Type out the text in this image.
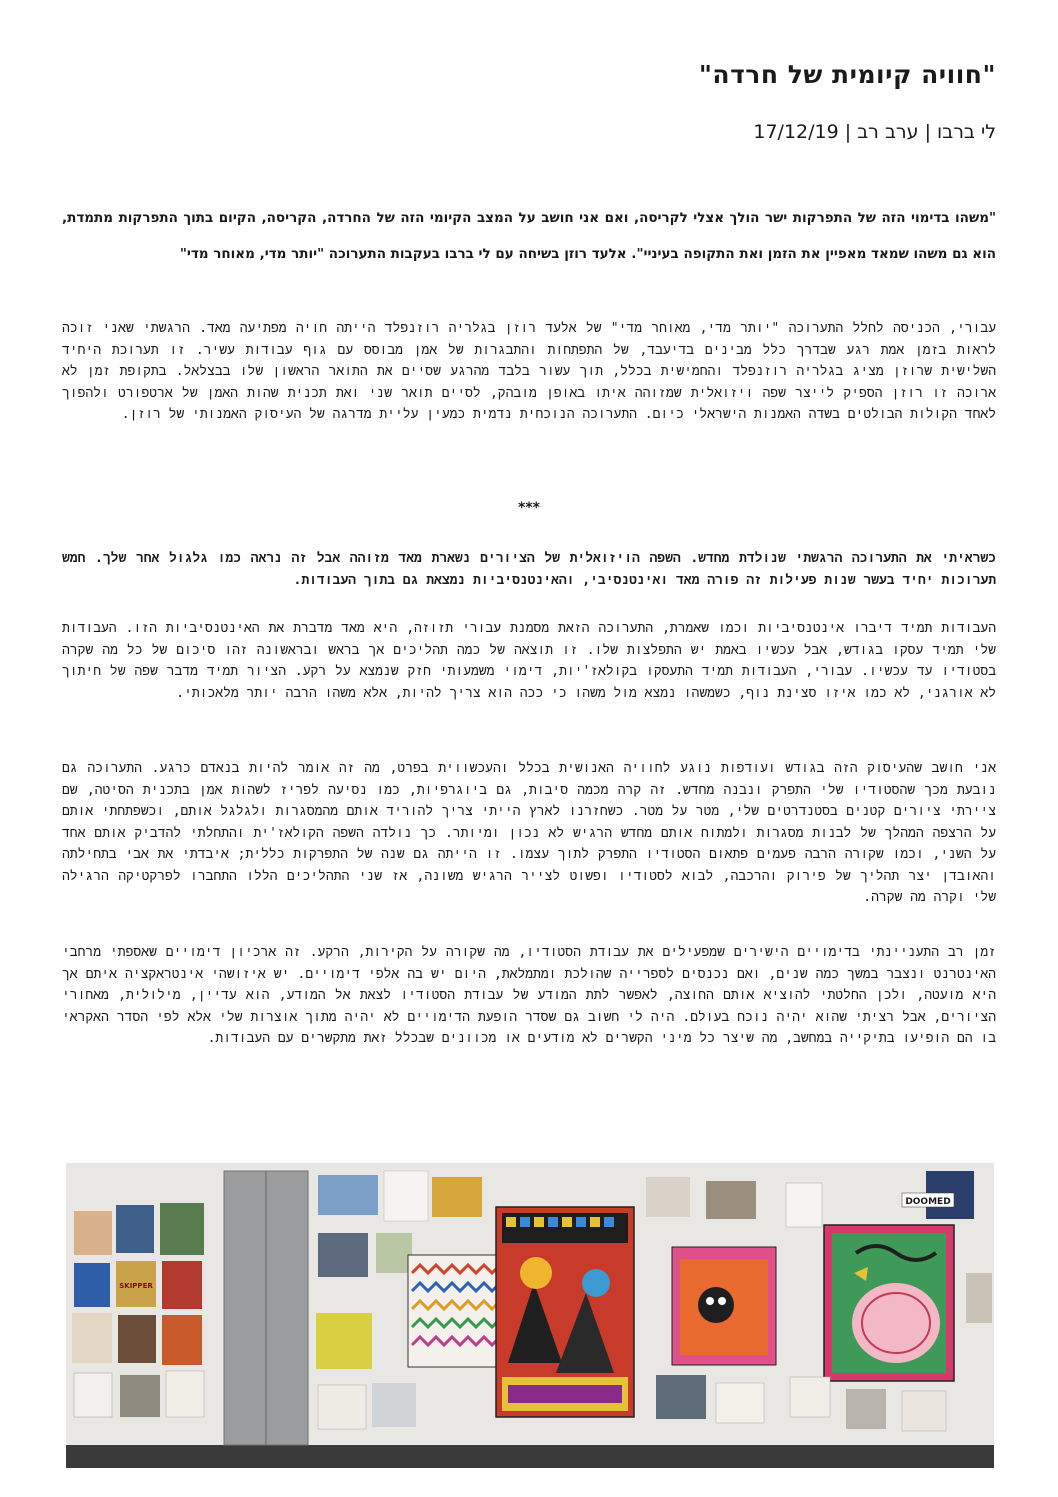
"חוויה קיומית של חרדה"

לי ברבו | ערב רב | 17/12/19

"משהו בדימוי הזה של התפרקות ישר הולך אצלי לקריסה, ואם אני חושב על המצב הקיומי הזה של החרדה, הקריסה, הקיום בתוך התפרקות מתמדת, הוא גם משהו שמאד מאפיין את הזמן ואת התקופה בעיניי". אלעד רוזן בשיחה עם לי ברבו בעקבות התערוכה "יותר מדי, מאוחר מדי"

עבורי, הכניסה לחלל התערוכה "יותר מדי, מאוחר מדי" של אלעד רוזן בגלריה רוזנפלד הייתה חויה מפתיעה מאד. הרגשתי שאני זוכה לראות בזמן אמת רגע שבדרך כלל מבינים בדיעבד, של התפתחות והתבגרות של אמן מבוסס עם גוף עבודות עשיר. זו תערוכת היחיד השלישית שרוזן מציג בגלריה רוזנפלד והחמישית בכלל, תוך עשור בלבד מהרגע שסיים את התואר הראשון שלו בבצלאל. בתקופת זמן לא ארוכה זו רוזן הספיק לייצר שפה ויזואלית שמזוהה איתו באופן מובהק, לסיים תואר שני ואת תכנית שהות האמן של ארטפורט ולהפוך לאחד הקולות הבולטים בשדה האמנות הישראלי כיום. התערוכה הנוכחית נדמית כמעין עליית מדרגה של העיסוק האמנותי של רוזן.

***

כשראיתי את התערוכה הרגשתי שנולדת מחדש. השפה הויזואלית של הציורים נשארת מאד מזוהה אבל זה נראה כמו גלגול אחר שלך. חמש תערוכות יחיד בעשר שנות פעילות זה פורה מאד ואינטנסיבי, והאינטנסיביות נמצאת גם בתוך העבודות.

העבודות תמיד דיברו אינטנסיביות וכמו שאמרת, התערוכה הזאת מסמנת עבורי תזוזה, היא מאד מדברת את האינטנסיביות הזו. העבודות שלי תמיד עסקו בגודש, אבל עכשיו באמת יש התפלצות שלו. זו תוצאה של כמה תהליכים אך בראש ובראשונה זהו סיכום של כל מה שקרה בסטודיו עד עכשיו. עבורי, העבודות תמיד התעסקו בקולאז'יות, דימוי משמעותי חזק שנמצא על רקע. הציור תמיד מדבר שפה של חיתוך לא אורגני, לא כמו איזו סצינת נוף, כשמשהו נמצא מול משהו כי ככה הוא צריך להיות, אלא משהו הרבה יותר מלאכותי.

אני חושב שהעיסוק הזה בגודש ועודפות נוגע לחוויה האנושית בכלל והעכשווית בפרט, מה זה אומר להיות בנאדם כרגע. התערוכה גם נובעת מכך שהסטודיו שלי התפרק ונבנה מחדש. זה קרה מכמה סיבות, גם ביוגרפיות, כמו נסיעה לפריז לשהות אמן בתכנית הסיטה, שם ציירתי ציורים קטנים בסטנדרטים שלי, מטר על מטר. כשחזרנו לארץ הייתי צריך להוריד אותם מהמסגרות ולגלגל אותם, וכשפתחתי אותם על הרצפה המהלך של לבנות מסגרות ולמתוח אותם מחדש הרגיש לא נכון ומיותר. כך נולדה השפה הקולאז'ית והתחלתי להדביק אותם אחד על השני, וכמו שקורה הרבה פעמים פתאום הסטודיו התפרק לתוך עצמו. זו הייתה גם שנה של התפרקות כללית; איבדתי את אבי בתחילתה והאובדן יצר תהליך של פירוק והרכבה, לבוא לסטודיו ופשוט לצייר הרגיש משונה, אז שני התהליכים הללו התחברו לפרקטיקה הרגילה שלי וקרה מה שקרה.

זמן רב התעניינתי בדימויים הישירים שמפעילים את עבודת הסטודיו, מה שקורה על הקירות, הרקע. זה ארכיון דימויים שאספתי מרחבי האינטרנט ונצבר במשך כמה שנים, ואם נכנסים לספרייה שהולכת ומתמלאת, היום יש בה אלפי דימויים. יש איזושהי אינטראקציה איתם אך היא מועטה, ולכן החלטתי להוציא אותם החוצה, לאפשר לתת המודע של עבודת הסטודיו לצאת אל המודע, הוא עדיין, מילולית, מאחורי הציורים, אבל רציתי שהוא יהיה נוכח בעולם. היה לי חשוב גם שסדר הופעת הדימויים לא יהיה מתוך אוצרות שלי אלא לפי הסדר האקראי בו הם הופיעו בתיקייה במחשב, מה שיצר כל מיני הקשרים לא מודעים או מכוונים שבכלל זאת מתקשרים עם העבודות.

SKIPPER
DOOMED
